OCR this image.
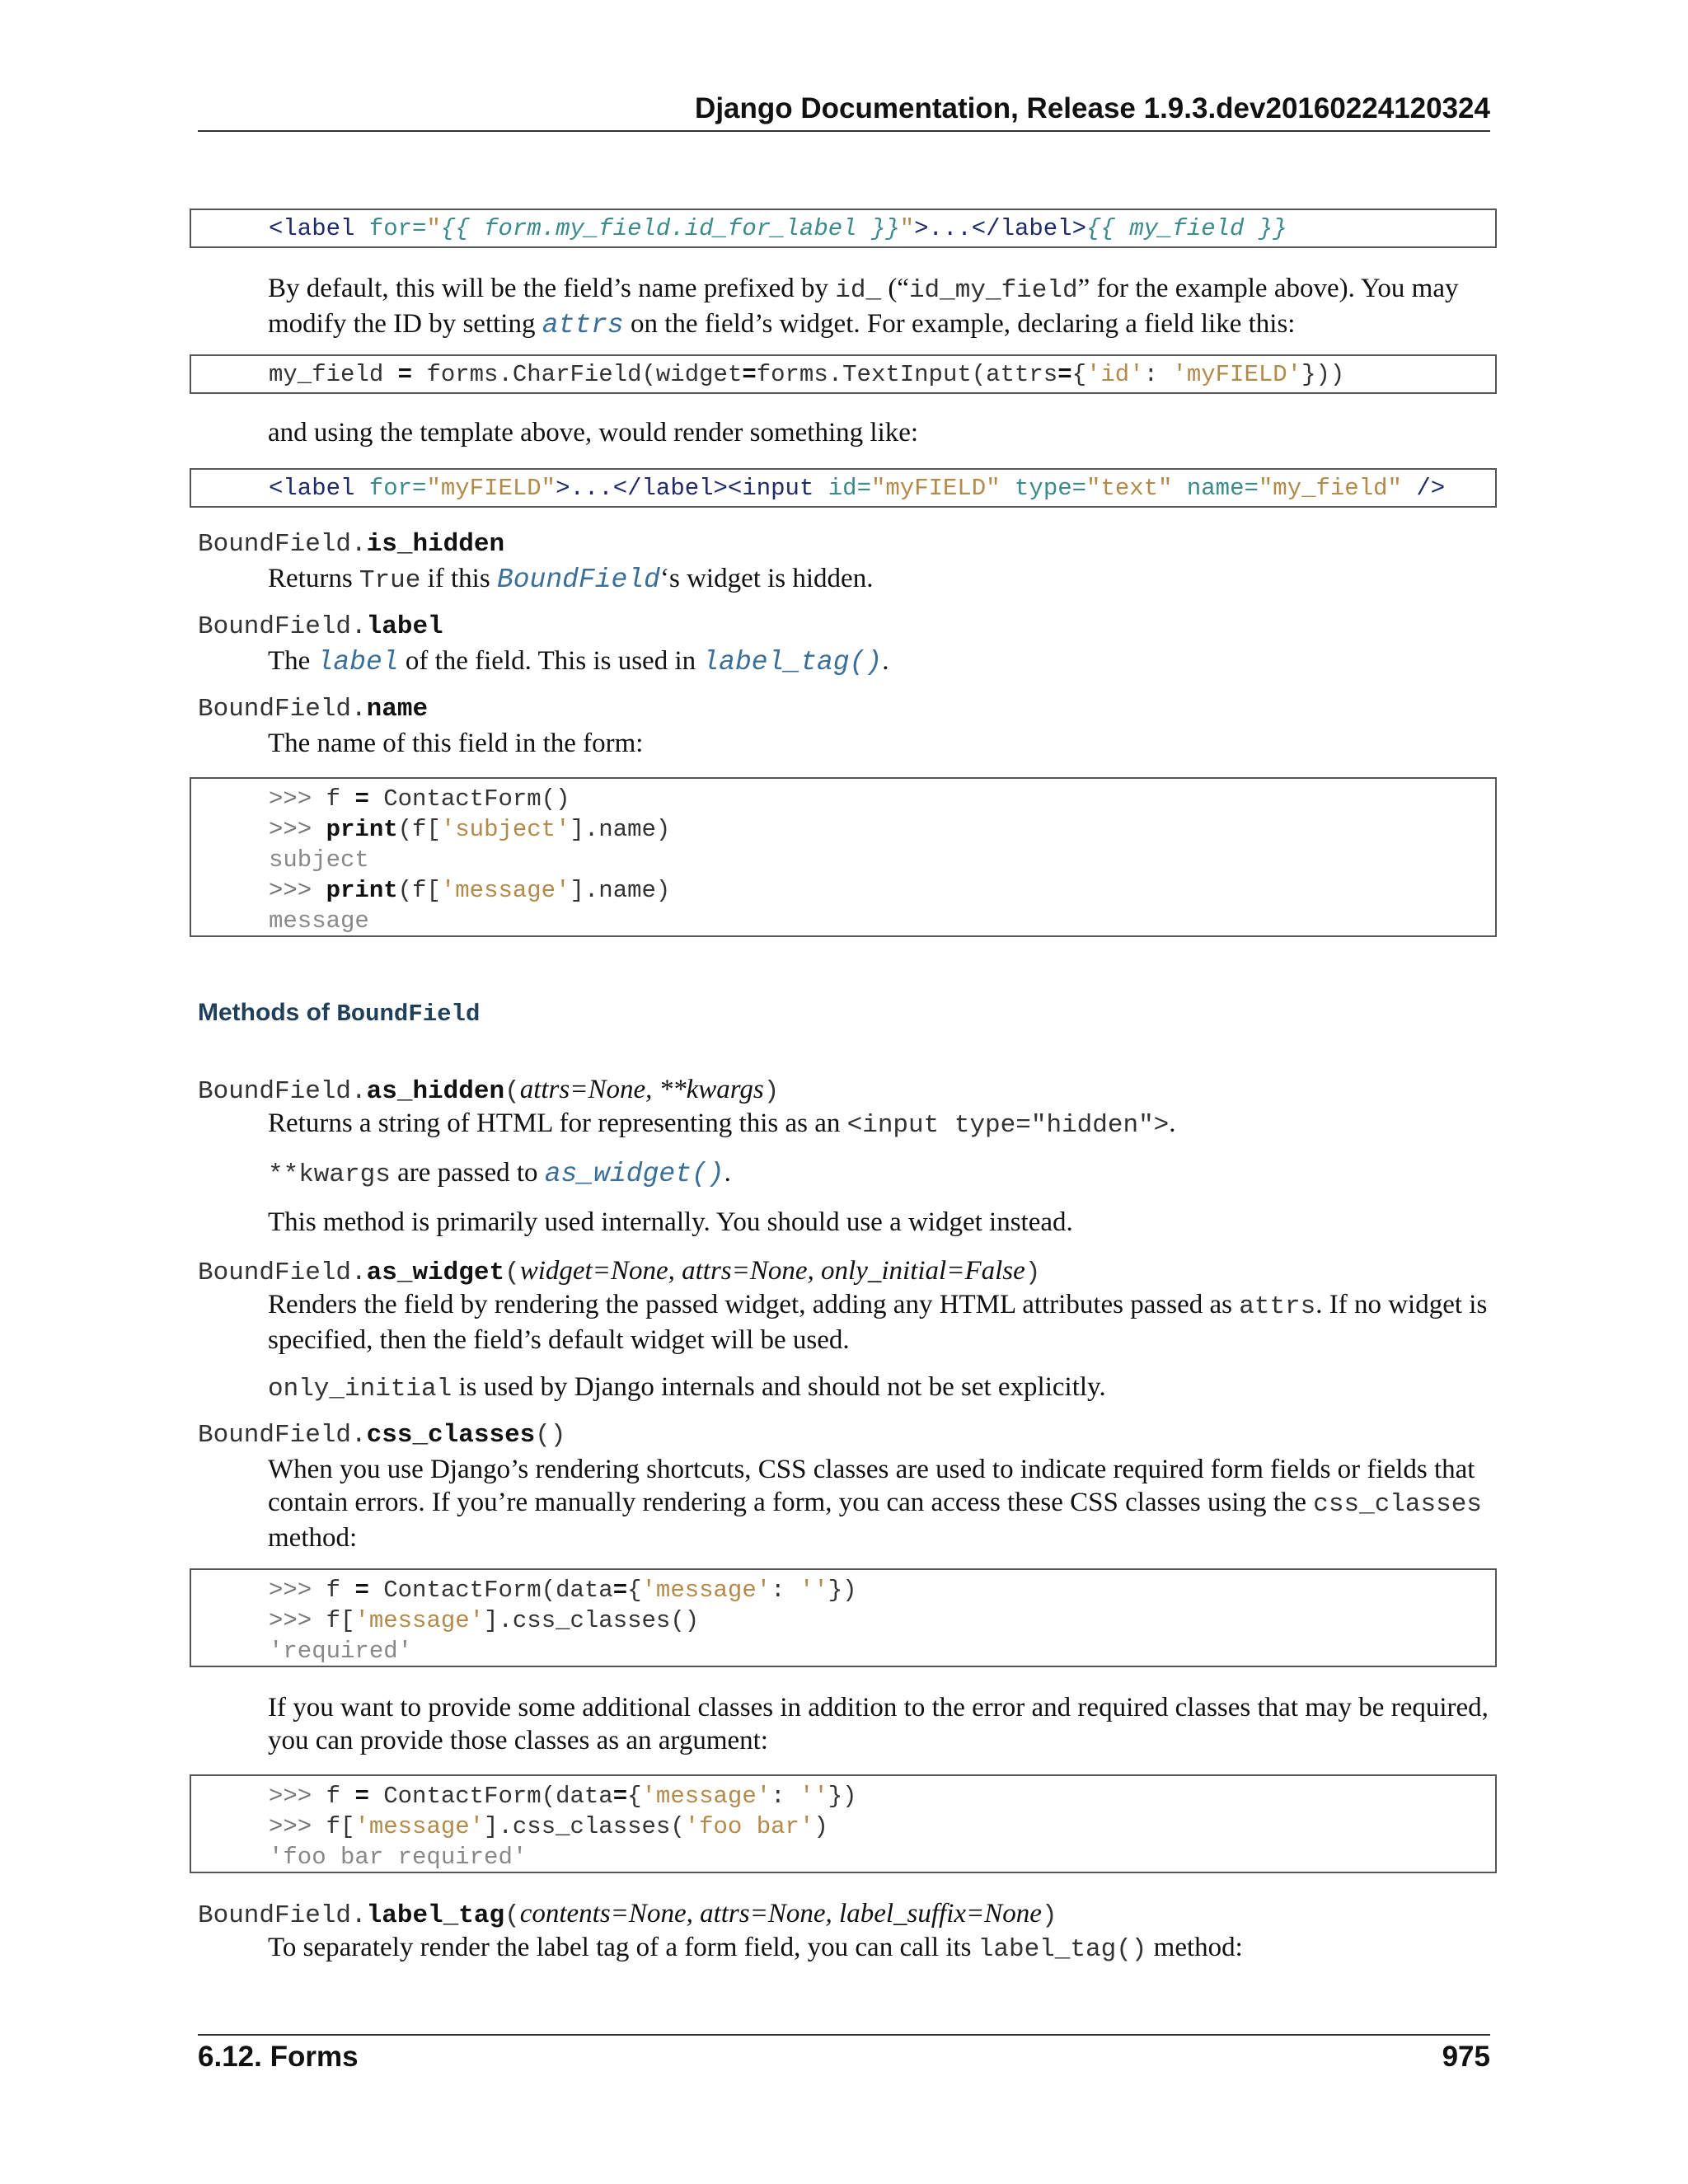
Django Documentation, Release 1.9.3.dev20160224120324
<label for="{{ form.my_field.id_for_label }}">...</label>{{ my_field }}
By default, this will be the field’s name prefixed by id_ (“id_my_field” for the example above). You may modify the ID by setting attrs on the field’s widget. For example, declaring a field like this:
my_field = forms.CharField(widget=forms.TextInput(attrs={'id': 'myFIELD'}))
and using the template above, would render something like:
<label for="myFIELD">...</label><input id="myFIELD" type="text" name="my_field" />
BoundField.is_hidden
Returns True if this BoundField‘s widget is hidden.
BoundField.label
The label of the field. This is used in label_tag().
BoundField.name
The name of this field in the form:
>>> f = ContactForm()
>>> print(f['subject'].name)
subject
>>> print(f['message'].name)
message
Methods of BoundField
BoundField.as_hidden(attrs=None, **kwargs)
Returns a string of HTML for representing this as an <input type="hidden">.
**kwargs are passed to as_widget().
This method is primarily used internally. You should use a widget instead.
BoundField.as_widget(widget=None, attrs=None, only_initial=False)
Renders the field by rendering the passed widget, adding any HTML attributes passed as attrs. If no widget is specified, then the field’s default widget will be used.
only_initial is used by Django internals and should not be set explicitly.
BoundField.css_classes()
When you use Django’s rendering shortcuts, CSS classes are used to indicate required form fields or fields that contain errors. If you’re manually rendering a form, you can access these CSS classes using the css_classes method:
>>> f = ContactForm(data={'message': ''})
>>> f['message'].css_classes()
'required'
If you want to provide some additional classes in addition to the error and required classes that may be required, you can provide those classes as an argument:
>>> f = ContactForm(data={'message': ''})
>>> f['message'].css_classes('foo bar')
'foo bar required'
BoundField.label_tag(contents=None, attrs=None, label_suffix=None)
To separately render the label tag of a form field, you can call its label_tag() method:
6.12. Forms	975
